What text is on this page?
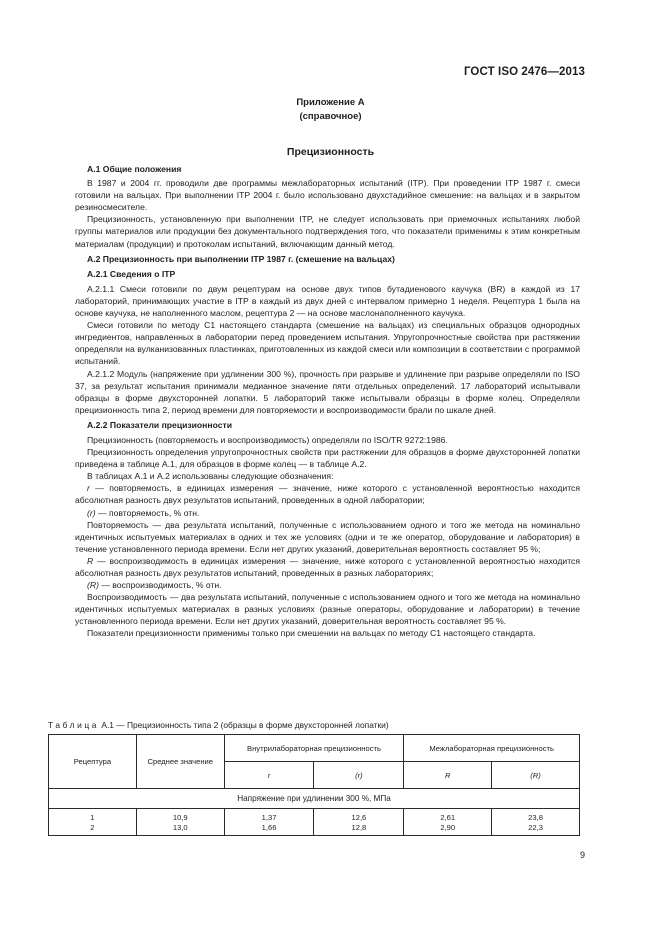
ГОСТ ISO 2476—2013
Приложение А
(справочное)
Прецизионность
А.1 Общие положения

В 1987 и 2004 гг. проводили две программы межлабораторных испытаний (ITP). При проведении ITP 1987 г. смеси готовили на вальцах. При выполнении ITP 2004 г. было использовано двухстадийное смешение: на вальцах и в закрытом резиносмесителе.

Прецизионность, установленную при выполнении ITP, не следует использовать при приемочных испытаниях любой группы материалов или продукции без документального подтверждения того, что показатели применимы к этим конкретным материалам (продукции) и протоколам испытаний, включающим данный метод.

А.2 Прецизионность при выполнении ITP 1987 г. (смешение на вальцах)
А.2.1 Сведения о ITP

А.2.1.1 Смеси готовили по двум рецептурам на основе двух типов бутадиенового каучука (BR) в каждой из 17 лабораторий, принимающих участие в ITP в каждый из двух дней с интервалом примерно 1 неделя. Рецептура 1 была на основе каучука, не наполненного маслом, рецептура 2 — на основе маслонаполненного каучука.

Смеси готовили по методу С1 настоящего стандарта (смешение на вальцах) из специальных образцов однородных ингредиентов, направленных в лаборатории перед проведением испытания. Упругопрочностные свойства при растяжении определяли на вулканизованных пластинках, приготовленных из каждой смеси или композиции в соответствии с программой испытаний.

А.2.1.2 Модуль (напряжение при удлинении 300 %), прочность при разрыве и удлинение при разрыве определяли по ISO 37, за результат испытания принимали медианное значение пяти отдельных определений. 17 лабораторий испытывали образцы в форме двухсторонней лопатки. 5 лабораторий также испытывали образцы в форме колец. Определяли прецизионность типа 2, период времени для повторяемости и воспроизводимости брали по шкале дней.

А.2.2 Показатели прецизионности

Прецизионность (повторяемость и воспроизводимость) определяли по ISO/TR 9272:1986.

Прецизионность определения упругопрочностных свойств при растяжении для образцов в форме двухсторонней лопатки приведена в таблице А.1, для образцов в форме колец — в таблице А.2.

В таблицах А.1 и А.2 использованы следующие обозначения:

r — повторяемость, в единицах измерения — значение, ниже которого с установленной вероятностью находится абсолютная разность двух результатов испытаний, проведенных в одной лаборатории;

(r) — повторяемость, % отн.

Повторяемость — два результата испытаний, полученные с использованием одного и того же метода на номинально идентичных испытуемых материалах в одних и тех же условиях (одни и те же оператор, оборудование и лаборатория) в течение установленного периода времени. Если нет других указаний, доверительная вероятность составляет 95 %;

R — воспроизводимость в единицах измерения — значение, ниже которого с установленной вероятностью находится абсолютная разность двух результатов испытаний, проведенных в разных лабораториях;

(R) — воспроизводимость, % отн.

Воспроизводимость — два результата испытаний, полученные с использованием одного и того же метода на номинально идентичных испытуемых материалах в разных условиях (разные операторы, оборудование и лаборатории) в течение установленного периода времени. Если нет других указаний, доверительная вероятность составляет 95 %.

Показатели прецизионности применимы только при смешении на вальцах по методу С1 настоящего стандарта.

Таблица А.1 — Прецизионность типа 2 (образцы в форме двухсторонней лопатки)
Рецептура	Среднее значение	Внутрилабораторная прецизионность		Межлабораторная прецизионность	
		r	(r)	R	(R)
Напряжение при удлинении 300 %, МПа					
1	10,9	1,37	12,6	2,61	23,8
2	13,0	1,66	12,8	2,90	22,3
9
